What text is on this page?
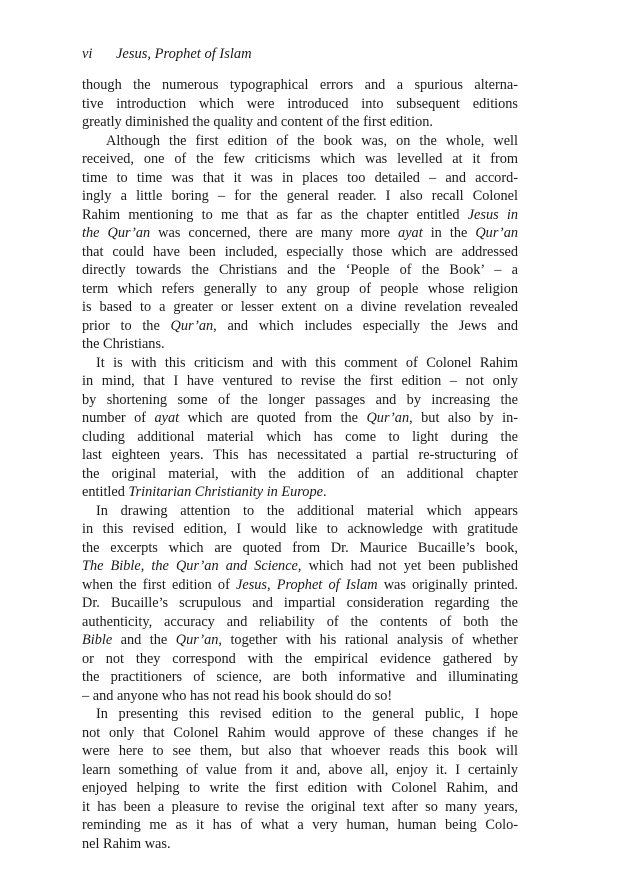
vi Jesus, Prophet of Islam
though the numerous typographical errors and a spurious alterna-
tive introduction which were introduced into subsequent editions
greatly diminished the quality and content of the first edition.
Although the first edition of the book was, on the whole, well
received, one of the few criticisms which was levelled at it from
time to time was that it was in places too detailed – and accord-
ingly a little boring – for the general reader. I also recall Colonel
Rahim mentioning to me that as far as the chapter entitled Jesus in
the Qur’an was concerned, there are many more ayat in the Qur’an
that could have been included, especially those which are addressed
directly towards the Christians and the ‘People of the Book’ – a
term which refers generally to any group of people whose religion
is based to a greater or lesser extent on a divine revelation revealed
prior to the Qur’an, and which includes especially the Jews and
the Christians.
It is with this criticism and with this comment of Colonel Rahim
in mind, that I have ventured to revise the first edition – not only
by shortening some of the longer passages and by increasing the
number of ayat which are quoted from the Qur’an, but also by in-
cluding additional material which has come to light during the
last eighteen years. This has necessitated a partial re-structuring of
the original material, with the addition of an additional chapter
entitled Trinitarian Christianity in Europe.
In drawing attention to the additional material which appears
in this revised edition, I would like to acknowledge with gratitude
the excerpts which are quoted from Dr. Maurice Bucaille’s book,
The Bible, the Qur’an and Science, which had not yet been published
when the first edition of Jesus, Prophet of Islam was originally printed.
Dr. Bucaille’s scrupulous and impartial consideration regarding the
authenticity, accuracy and reliability of the contents of both the
Bible and the Qur’an, together with his rational analysis of whether
or not they correspond with the empirical evidence gathered by
the practitioners of science, are both informative and illuminating
– and anyone who has not read his book should do so!
In presenting this revised edition to the general public, I hope
not only that Colonel Rahim would approve of these changes if he
were here to see them, but also that whoever reads this book will
learn something of value from it and, above all, enjoy it. I certainly
enjoyed helping to write the first edition with Colonel Rahim, and
it has been a pleasure to revise the original text after so many years,
reminding me as it has of what a very human, human being Colo-
nel Rahim was.
